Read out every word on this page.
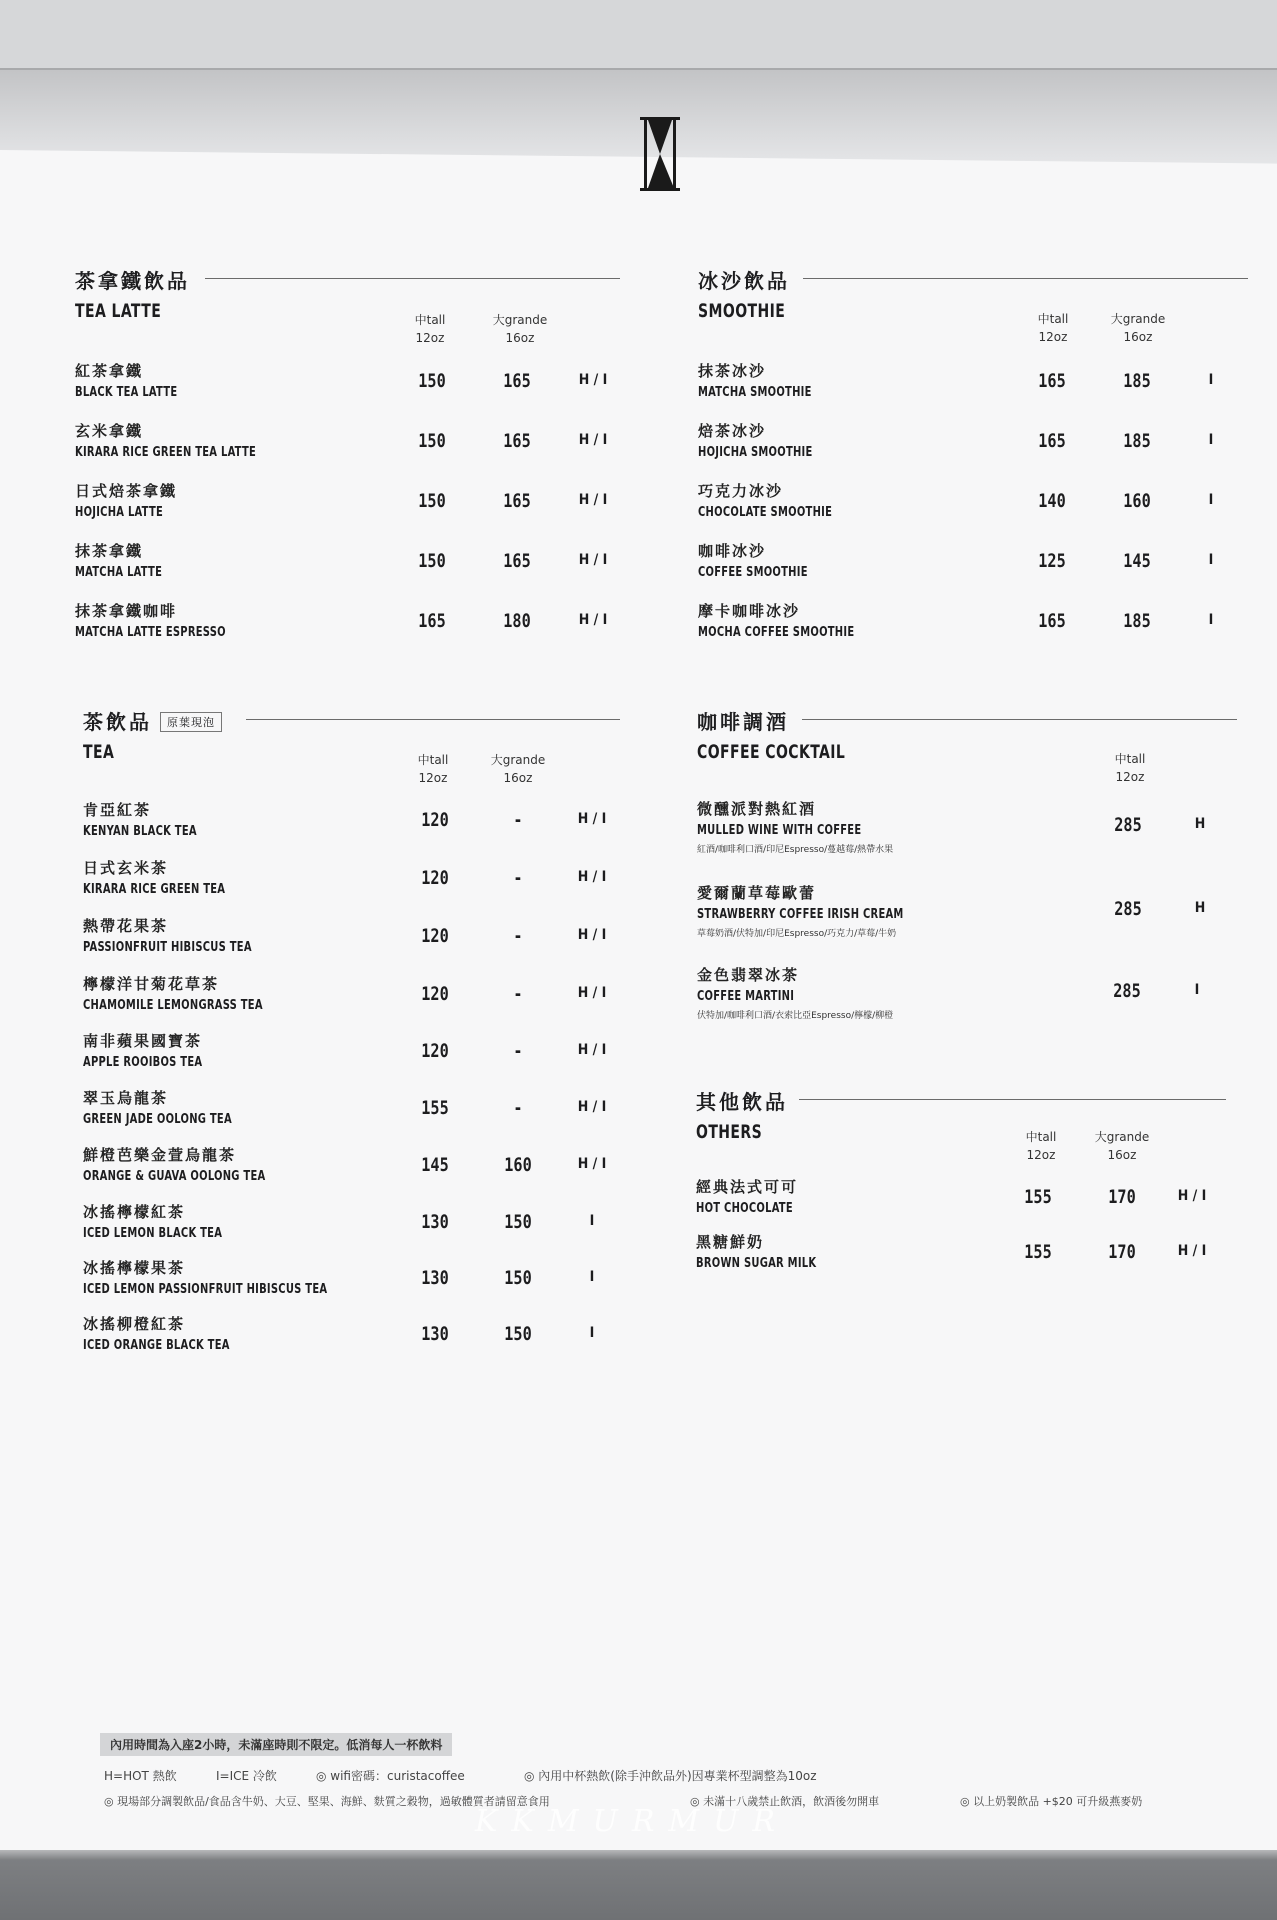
茶拿鐵飲品
TEA LATTE	中tall
12oz
大grande
16oz
紅茶拿鐵
BLACK TEA LATTE
150	165	H / I
玄米拿鐵
KIRARA RICE GREEN TEA LATTE
150	165	H / I
日式焙茶拿鐵
HOJICHA LATTE
150	165	H / I
抹茶拿鐵
MATCHA LATTE
150	165	H / I
抹茶拿鐵咖啡
MATCHA LATTE ESPRESSO
165	180	H / I
冰沙飲品
SMOOTHIE	中tall
12oz
大grande
16oz
抹茶冰沙
MATCHA SMOOTHIE
165	185	I
焙茶冰沙
HOJICHA SMOOTHIE
165	185	I
巧克力冰沙
CHOCOLATE SMOOTHIE
140	160	I
咖啡冰沙
COFFEE SMOOTHIE
125	145	I
摩卡咖啡冰沙
MOCHA COFFEE SMOOTHIE
165	185	I
茶飲品 原葉現泡
TEA	中tall
12oz
大grande
16oz
肯亞紅茶
KENYAN BLACK TEA
120	-	H / I
日式玄米茶
KIRARA RICE GREEN TEA
120	-	H / I
熱帶花果茶
PASSIONFRUIT HIBISCUS TEA
120	-	H / I
檸檬洋甘菊花草茶
CHAMOMILE LEMONGRASS TEA
120	-	H / I
南非蘋果國寶茶
APPLE ROOIBOS TEA
120	-	H / I
翠玉烏龍茶
GREEN JADE OOLONG TEA
155	-	H / I
鮮橙芭樂金萱烏龍茶
ORANGE & GUAVA OOLONG TEA
145	160	H / I
冰搖檸檬紅茶
ICED LEMON BLACK TEA
130	150	I
冰搖檸檬果茶
ICED LEMON PASSIONFRUIT HIBISCUS TEA
130	150	I
冰搖柳橙紅茶
ICED ORANGE BLACK TEA
130	150	I
咖啡調酒
COFFEE COCKTAIL	中tall
12oz
微醺派對熱紅酒
MULLED WINE WITH COFFEE
紅酒/咖啡利口酒/印尼Espresso/蔓越莓/熱帶水果
285	H
愛爾蘭草莓歐蕾
STRAWBERRY COFFEE IRISH CREAM
草莓奶酒/伏特加/印尼Espresso/巧克力/草莓/牛奶
285	H
金色翡翠冰茶
COFFEE MARTINI
伏特加/咖啡利口酒/衣索比亞Espresso/檸檬/柳橙
285	I
其他飲品
OTHERS	中tall
12oz
大grande
16oz
經典法式可可
HOT CHOCOLATE
155	170	H / I
黑糖鮮奶
BROWN SUGAR MILK
155	170	H / I
內用時間為入座2小時，未滿座時則不限定。低消每人一杯飲料
H=HOT 熱飲	I=ICE 冷飲	◎ wifi密碼：curistacoffee	◎ 內用中杯熱飲(除手沖飲品外)因專業杯型調整為10oz
◎ 現場部分調製飲品/食品含牛奶、大豆、堅果、海鮮、麩質之穀物，過敏體質者請留意食用	◎ 未滿十八歲禁止飲酒，飲酒後勿開車	◎ 以上奶製飲品 +$20 可升級燕麥奶
KKMURMUR
